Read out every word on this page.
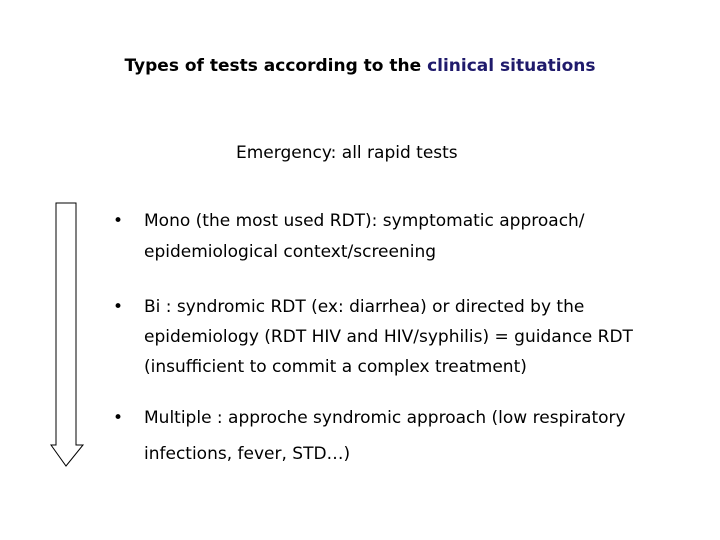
Types of tests according to the clinical situations
Emergency: all rapid tests
• Mono (the most used RDT): symptomatic approach/ epidemiological context/screening
• Bi : syndromic RDT (ex: diarrhea) or directed by the epidemiology (RDT HIV and HIV/syphilis) = guidance RDT (insufficient to commit a complex treatment)
• Multiple : approche syndromic approach (low respiratory infections, fever, STD…)
